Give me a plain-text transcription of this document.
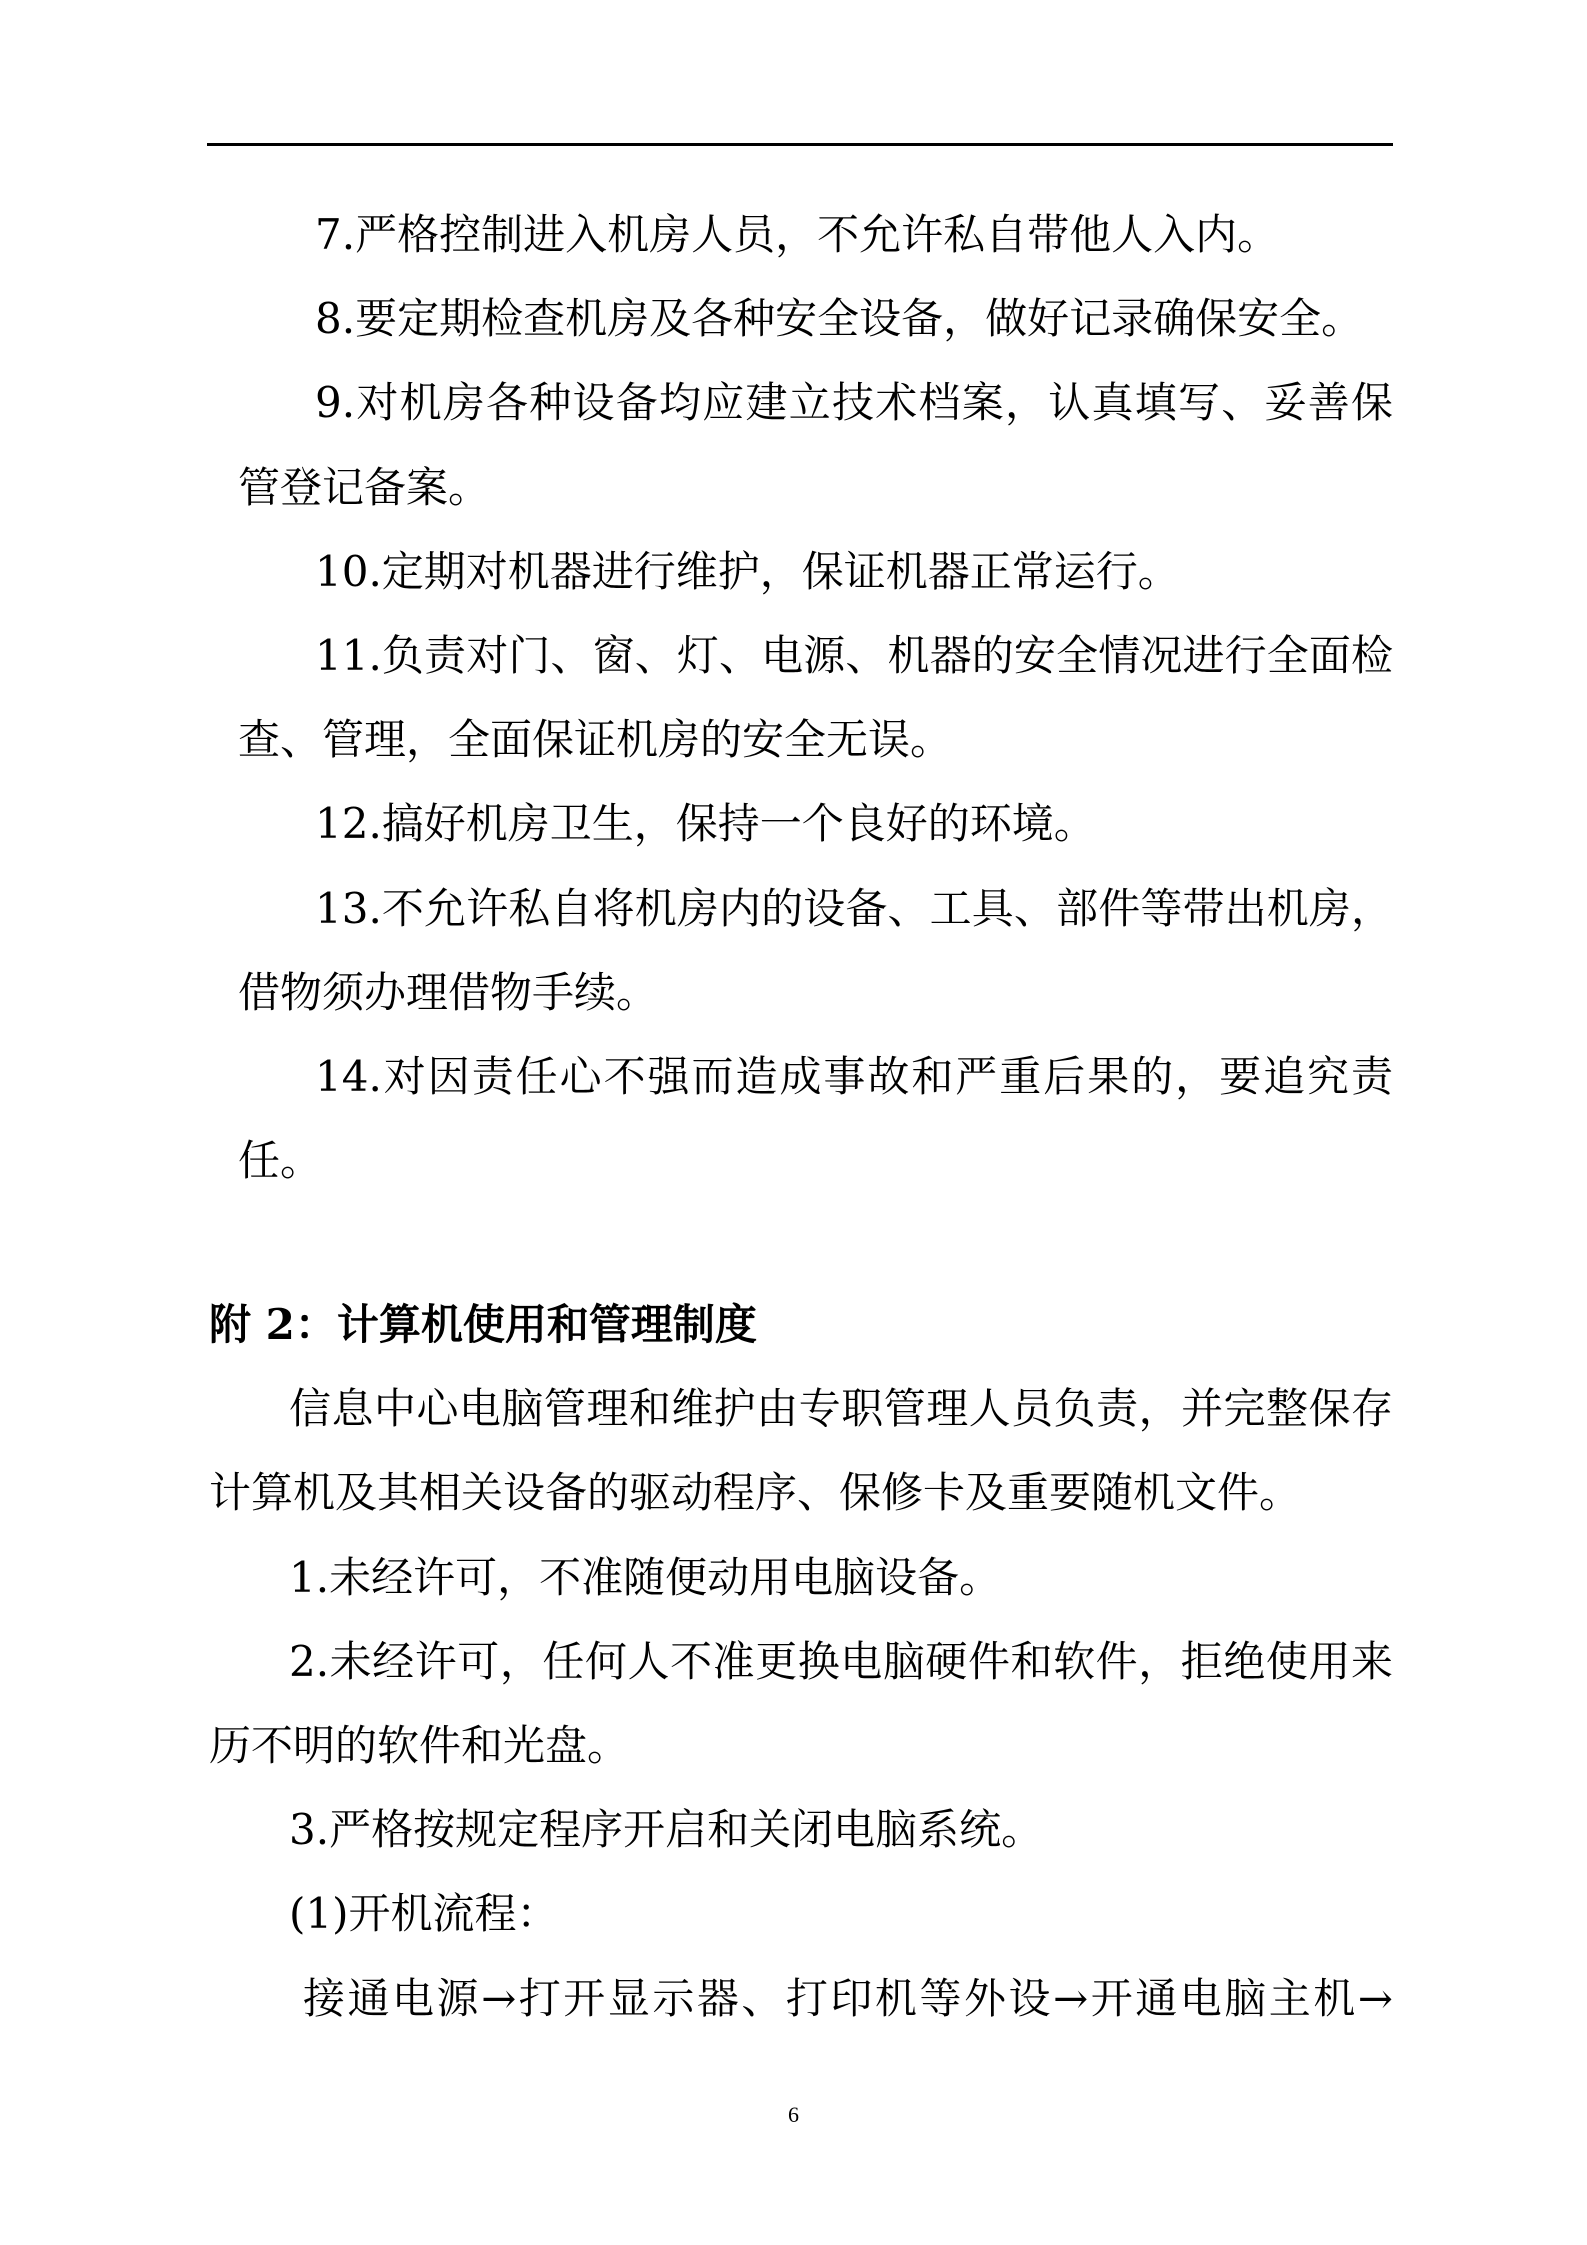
7.严格控制进入机房人员，不允许私自带他人入内。
8.要定期检查机房及各种安全设备，做好记录确保安全。
9.对机房各种设备均应建立技术档案，认真填写、妥善保
管登记备案。
10.定期对机器进行维护，保证机器正常运行。
11.负责对门、窗、灯、电源、机器的安全情况进行全面检
查、管理，全面保证机房的安全无误。
12.搞好机房卫生，保持一个良好的环境。
13.不允许私自将机房内的设备、工具、部件等带出机房，
借物须办理借物手续。
14.对因责任心不强而造成事故和严重后果的，要追究责
任。
附 2：计算机使用和管理制度
信息中心电脑管理和维护由专职管理人员负责，并完整保存
计算机及其相关设备的驱动程序、保修卡及重要随机文件。
1.未经许可，不准随便动用电脑设备。
2.未经许可，任何人不准更换电脑硬件和软件，拒绝使用来
历不明的软件和光盘。
3.严格按规定程序开启和关闭电脑系统。
(1)开机流程：
接通电源→打开显示器、打印机等外设→开通电脑主机→
6
